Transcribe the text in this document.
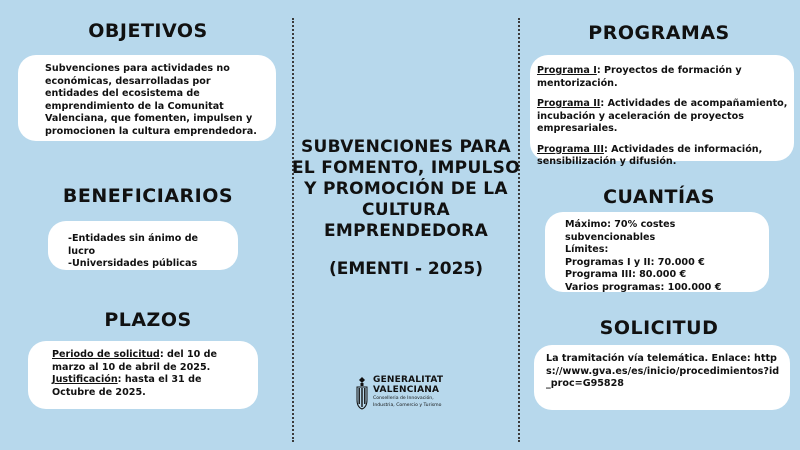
OBJETIVOS

Subvenciones para actividades no económicas, desarrolladas por entidades del ecosistema de emprendimiento de la Comunitat Valenciana, que fomenten, impulsen y promocionen la cultura emprendedora.

BENEFICIARIOS

-Entidades sin ánimo de lucro

-Universidades públicas

PLAZOS

Periodo de solicitud: del 10 de marzo al 10 de abril de 2025.

Justificación: hasta el 31 de Octubre de 2025.

SUBVENCIONES PARA EL FOMENTO, IMPULSO Y PROMOCIÓN DE LA CULTURA EMPRENDEDORA
(EMENTI - 2025)
GENERALITAT
VALENCIANA
Conselleria de Innovación,
Industria, Comercio y Turismo
PROGRAMAS

Programa I: Proyectos de formación y mentorización.

Programa II: Actividades de acompañamiento, incubación y aceleración de proyectos empresariales.

Programa III: Actividades de información, sensibilización y difusión.

CUANTÍAS

Máximo: 70% costes subvencionables

Límites:

Programas I y II: 70.000 €

Programa III: 80.000 €

Varios programas: 100.000 €

SOLICITUD

La tramitación vía telemática. Enlace: https://www.gva.es/es/inicio/procedimientos?id_proc=G95828
